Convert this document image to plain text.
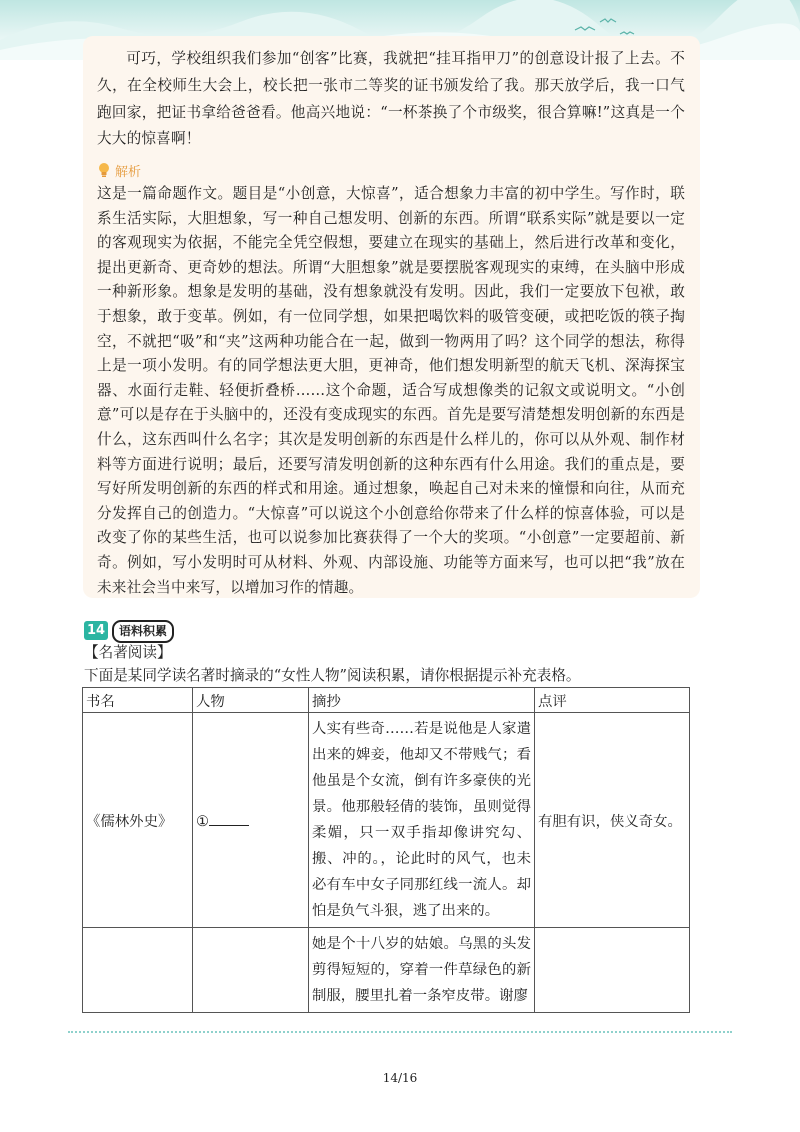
可巧，学校组织我们参加“创客”比赛，我就把“挂耳指甲刀”的创意设计报了上去。不久，在全校师生大会上，校长把一张市二等奖的证书颁发给了我。那天放学后，我一口气跑回家，把证书拿给爸爸看。他高兴地说：“一杯茶换了个市级奖，很合算嘛!”这真是一个大大的惊喜啊！

解析

这是一篇命题作文。题目是“小创意，大惊喜”，适合想象力丰富的初中学生。写作时，联系生活实际，大胆想象，写一种自己想发明、创新的东西。所谓“联系实际”就是要以一定的客观现实为依据，不能完全凭空假想，要建立在现实的基础上，然后进行改革和变化，提出更新奇、更奇妙的想法。所谓“大胆想象”就是要摆脱客观现实的束缚，在头脑中形成一种新形象。想象是发明的基础，没有想象就没有发明。因此，我们一定要放下包袱，敢于想象，敢于变革。例如，有一位同学想，如果把喝饮料的吸管变硬，或把吃饭的筷子掏空，不就把“吸”和“夹”这两种功能合在一起，做到一物两用了吗？这个同学的想法，称得上是一项小发明。有的同学想法更大胆，更神奇，他们想发明新型的航天飞机、深海探宝器、水面行走鞋、轻便折叠桥……这个命题，适合写成想像类的记叙文或说明文。“小创意”可以是存在于头脑中的，还没有变成现实的东西。首先是要写清楚想发明创新的东西是什么，这东西叫什么名字；其次是发明创新的东西是什么样儿的，你可以从外观、制作材料等方面进行说明；最后，还要写清发明创新的这种东西有什么用途。我们的重点是，要写好所发明创新的东西的样式和用途。通过想象，唤起自己对未来的憧憬和向往，从而充分发挥自己的创造力。“大惊喜”可以说这个小创意给你带来了什么样的惊喜体验，可以是改变了你的某些生活，也可以说参加比赛获得了一个大的奖项。“小创意”一定要超前、新奇。例如，写小发明时可从材料、外观、内部设施、功能等方面来写，也可以把“我”放在未来社会当中来写，以增加习作的情趣。

14	语料积累
【名著阅读】
下面是某同学读名著时摘录的“女性人物”阅读积累，请你根据提示补充表格。
书名	人物	摘抄	点评
《儒林外史》	①	人实有些奇……若是说他是人家遣出来的婢妾，他却又不带贱气；看他虽是个女流，倒有许多豪侠的光景。他那般轻倩的装饰，虽则觉得柔媚，只一双手指却像讲究勾、搬、冲的。，论此时的风气，也未必有车中女子同那红线一流人。却怕是负气斗狠，逃了出来的。	有胆有识，侠义奇女。
		她是个十八岁的姑娘。乌黑的头发剪得短短的，穿着一件草绿色的新制服，腰里扎着一条窄皮带。谢廖	
14/16
